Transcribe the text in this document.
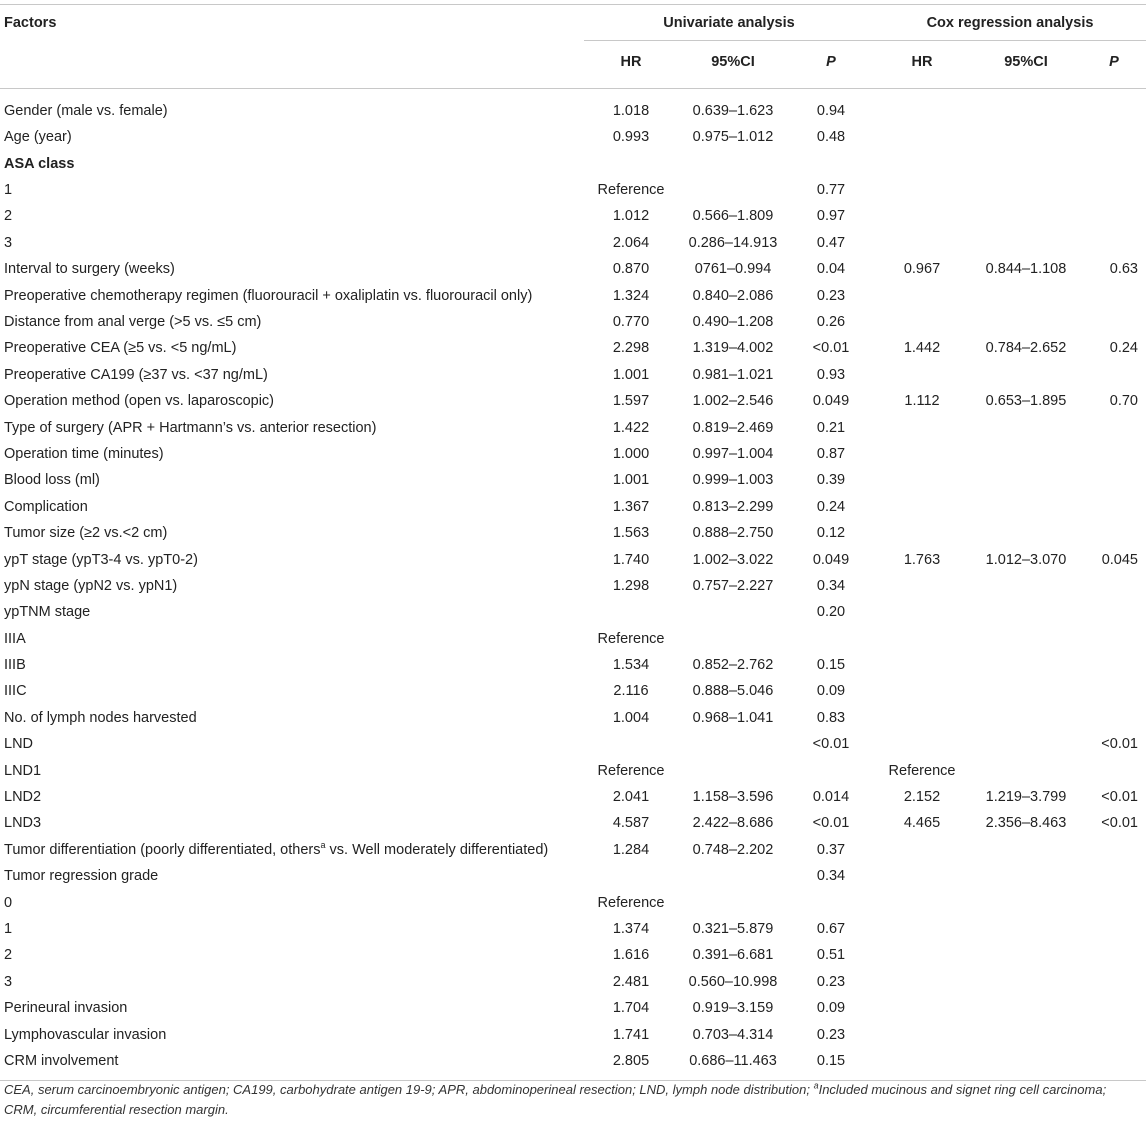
Factors	Univariate analysis			Cox regression analysis		
	HR	95%CI	P	HR	95%CI	P

Gender (male vs. female)	1.018	0.639–1.623	0.94			
Age (year)	0.993	0.975–1.012	0.48			
ASA class						
1	Reference		0.77			
2	1.012	0.566–1.809	0.97			
3	2.064	0.286–14.913	0.47			
Interval to surgery (weeks)	0.870	0761–0.994	0.04	0.967	0.844–1.108	0.63
Preoperative chemotherapy regimen (fluorouracil + oxaliplatin vs. fluorouracil only)	1.324	0.840–2.086	0.23			
Distance from anal verge (>5 vs. ≤5 cm)	0.770	0.490–1.208	0.26			
Preoperative CEA (≥5 vs. <5 ng/mL)	2.298	1.319–4.002	<0.01	1.442	0.784–2.652	0.24
Preoperative CA199 (≥37 vs. <37 ng/mL)	1.001	0.981–1.021	0.93			
Operation method (open vs. laparoscopic)	1.597	1.002–2.546	0.049	1.112	0.653–1.895	0.70
Type of surgery (APR + Hartmann’s vs. anterior resection)	1.422	0.819–2.469	0.21			
Operation time (minutes)	1.000	0.997–1.004	0.87			
Blood loss (ml)	1.001	0.999–1.003	0.39			
Complication	1.367	0.813–2.299	0.24			
Tumor size (≥2 vs.<2 cm)	1.563	0.888–2.750	0.12			
ypT stage (ypT3-4 vs. ypT0-2)	1.740	1.002–3.022	0.049	1.763	1.012–3.070	0.045
ypN stage (ypN2 vs. ypN1)	1.298	0.757–2.227	0.34			
ypTNM stage			0.20			
IIIA	Reference					
IIIB	1.534	0.852–2.762	0.15			
IIIC	2.116	0.888–5.046	0.09			
No. of lymph nodes harvested	1.004	0.968–1.041	0.83			
LND			<0.01			<0.01
LND1	Reference			Reference		
LND2	2.041	1.158–3.596	0.014	2.152	1.219–3.799	<0.01
LND3	4.587	2.422–8.686	<0.01	4.465	2.356–8.463	<0.01
Tumor differentiation (poorly differentiated, others$^a$ vs. Well moderately differentiated)	1.284	0.748–2.202	0.37			
Tumor regression grade			0.34			
0	Reference					
1	1.374	0.321–5.879	0.67			
2	1.616	0.391–6.681	0.51			
3	2.481	0.560–10.998	0.23			
Perineural invasion	1.704	0.919–3.159	0.09			
Lymphovascular invasion	1.741	0.703–4.314	0.23			
CRM involvement	2.805	0.686–11.463	0.15			
CEA, serum carcinoembryonic antigen; CA199, carbohydrate antigen 19-9; APR, abdominoperineal resection; LND, lymph node distribution; $^a$Included mucinous and signet ring cell carcinoma; CRM, circumferential resection margin.
